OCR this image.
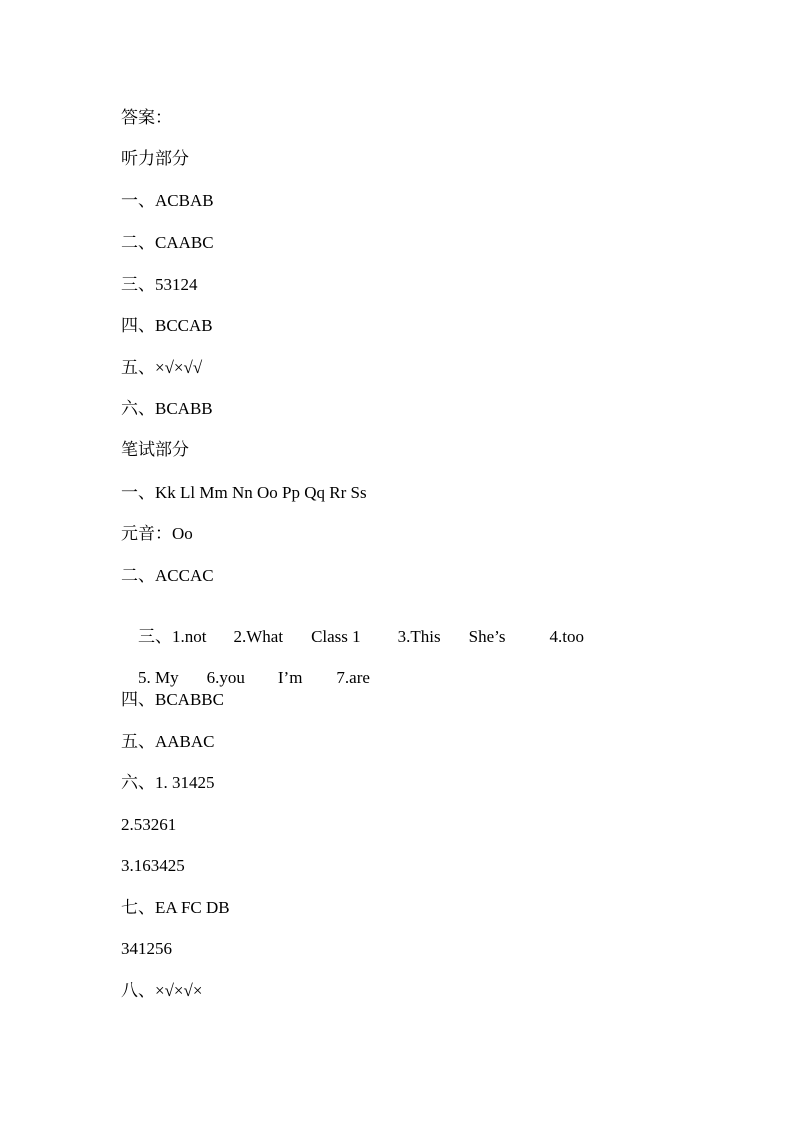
答案：
听力部分
一、ACBAB
二、CAABC
三、53124
四、BCCAB
五、×√×√√
六、BCABB
笔试部分
一、Kk Ll Mm Nn Oo Pp Qq Rr Ss
元音：Oo
二、ACCAC

三、1.not 2.What Class 1 3.This She’s	4.too

5. My 6.you I’m 7.are

四、BCABBC
五、AABAC
六、1. 31425
2.53261
3.163425
七、EA FC DB
341256
八、×√×√×
